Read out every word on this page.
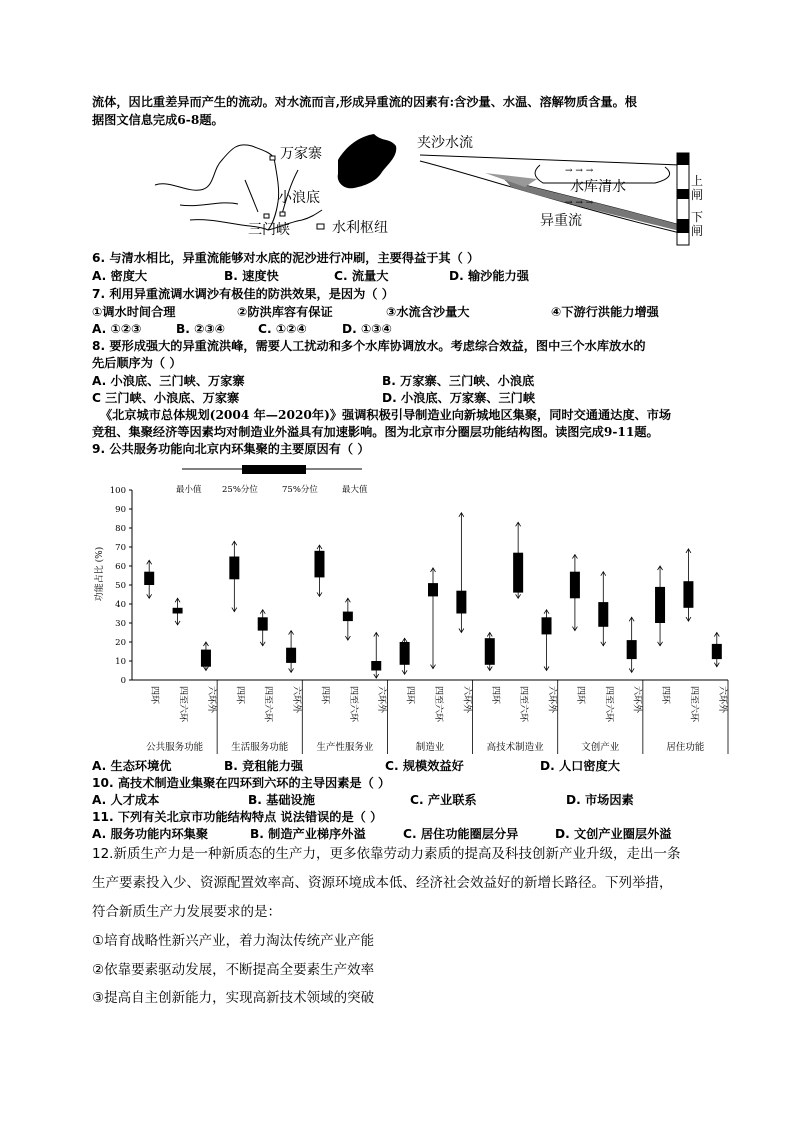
流体，因比重差异而产生的流动。对水流而言,形成异重流的因素有:含沙量、水温、溶解物质含量。根
据图文信息完成6-8题。
万家寨
小浪底
三门峡	水利枢纽
→ → →
→ → →
夹沙水流
水库清水
异重流
上
闸
下
闸
6. 与清水相比，异重流能够对水底的泥沙进行冲刷，主要得益于其（ ）
A. 密度大	B. 速度快	C. 流量大	D. 输沙能力强
7. 利用异重流调水调沙有极佳的防洪效果，是因为（ ）
①调水时间合理	②防洪库容有保证	③水流含沙量大	④下游行洪能力增强
A. ①②③	B. ②③④	C. ①②④	D. ①③④
8. 要形成强大的异重流洪峰，需要人工扰动和多个水库协调放水。考虑综合效益，图中三个水库放水的
先后顺序为（ ）
A. 小浪底、三门峡、万家寨	B. 万家寨、三门峡、小浪底
C 三门峡、小浪底、万家寨	D. 小浪底、万家寨、三门峡
《北京城市总体规划(2004 年—2020年)》强调积极引导制造业向新城地区集聚，同时交通通达度、市场
竞租、集聚经济等因素均对制造业外溢具有加速影响。图为北京市分圈层功能结构图。读图完成9-11题。
9. 公共服务功能向北京内环集聚的主要原因有（ ）
0
10
20
30
40
50
60
70
80
90
100
功能占比 (%)
最小值 25%分位	75%分位	最大值
四环 四至六环 六环外 四环 四至六环 六环外 四环 四至六环 六环外 四环 四至六环 六环外 四环 四至六环 六环外 四环 四至六环 六环外 四环 四至六环 六环外
公共服务功能	生活服务功能	生产性服务业	制造业	高技术制造业	文创产业	居住功能
A. 生态环境优	B. 竞租能力强	C. 规模效益好	D. 人口密度大
10. 高技术制造业集聚在四环到六环的主导因素是（ ）
A. 人才成本	B. 基础设施	C. 产业联系	D. 市场因素
11. 下列有关北京市功能结构特点 说法错误的是（ ）
A. 服务功能内环集聚	B. 制造产业梯序外溢	C. 居住功能圈层分异	D. 文创产业圈层外溢
12.新质生产力是一种新质态的生产力，更多依靠劳动力素质的提高及科技创新产业升级，走出一条
生产要素投入少、资源配置效率高、资源环境成本低、经济社会效益好的新增长路径。下列举措，
符合新质生产力发展要求的是：
①培育战略性新兴产业，着力淘汰传统产业产能
②依靠要素驱动发展，不断提高全要素生产效率
③提高自主创新能力，实现高新技术领域的突破
